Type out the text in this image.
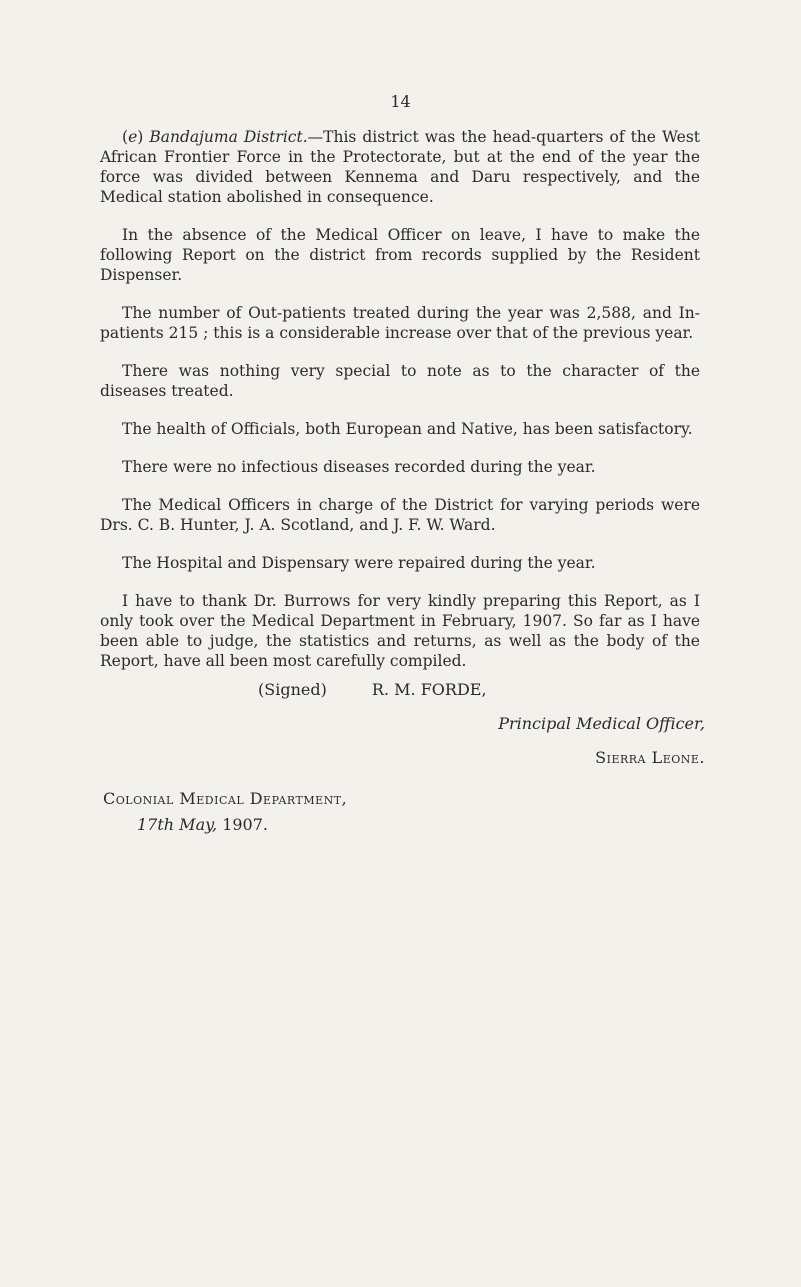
14

(e) Bandajuma District.—This district was the head-quarters of the West African Frontier Force in the Protectorate, but at the end of the year the force was divided between Kennema and Daru respectively, and the Medical station abolished in consequence.

In the absence of the Medical Officer on leave, I have to make the following Report on the district from records supplied by the Resident Dispenser.

The number of Out-patients treated during the year was 2,588, and In-patients 215 ; this is a considerable increase over that of the previous year.

There was nothing very special to note as to the character of the diseases treated.

The health of Officials, both European and Native, has been satisfactory.

There were no infectious diseases recorded during the year.

The Medical Officers in charge of the District for varying periods were Drs. C. B. Hunter, J. A. Scotland, and J. F. W. Ward.

The Hospital and Dispensary were repaired during the year.

I have to thank Dr. Burrows for very kindly preparing this Report, as I only took over the Medical Department in February, 1907. So far as I have been able to judge, the statistics and returns, as well as the body of the Report, have all been most carefully compiled.

(Signed)	R. M. FORDE,
Principal Medical Officer,
Sierra Leone.
Colonial Medical Department,
17th May, 1907.
